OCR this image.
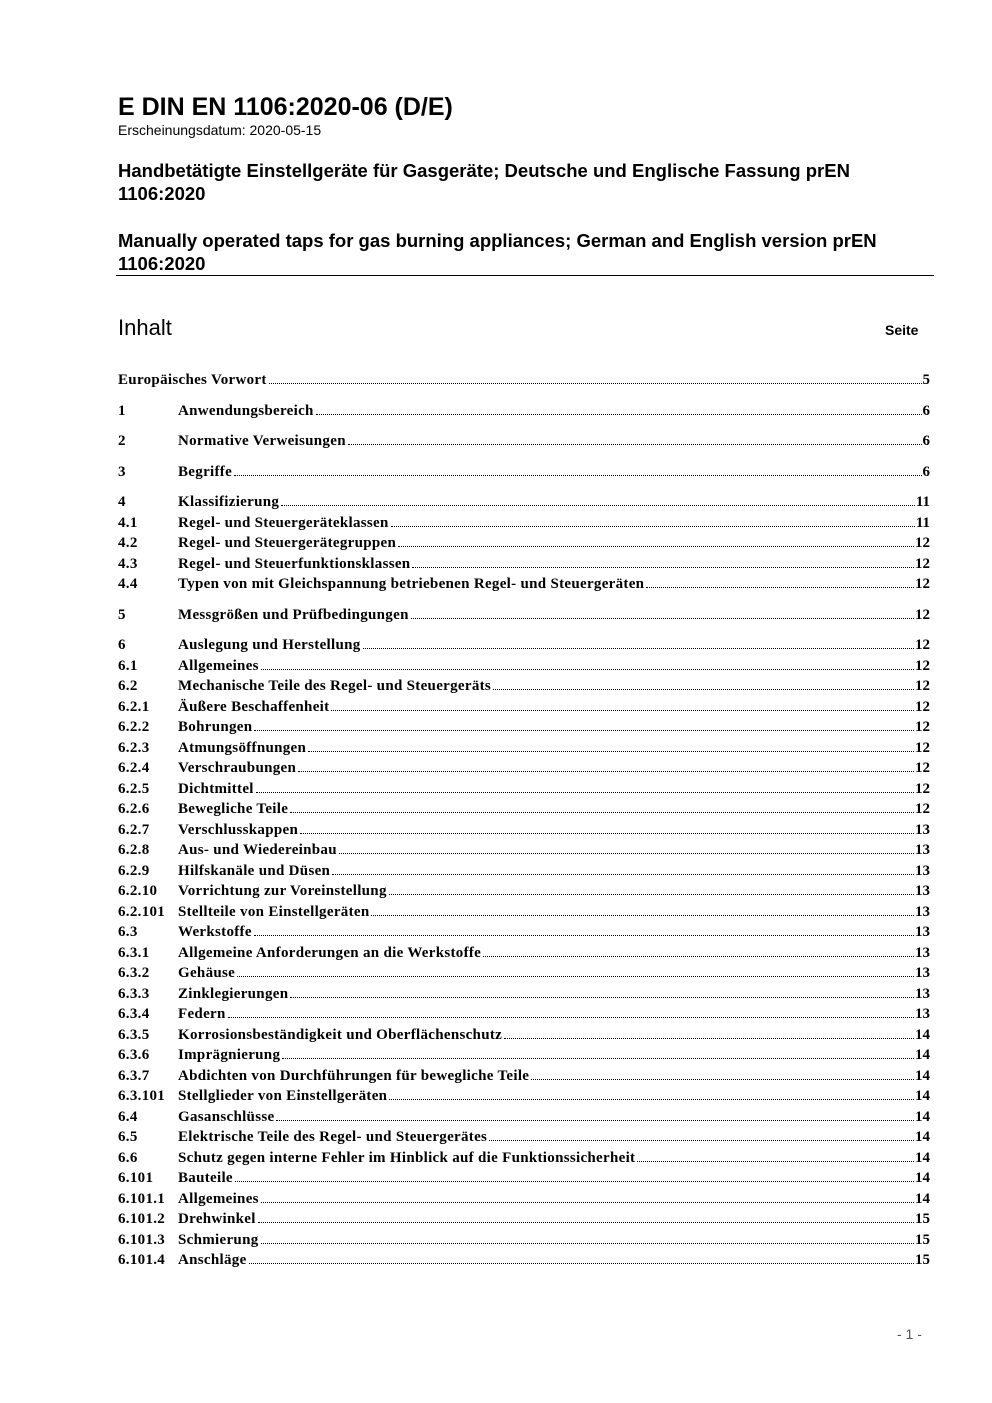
E DIN EN 1106:2020-06 (D/E)
Erscheinungsdatum: 2020-05-15
Handbetätigte Einstellgeräte für Gasgeräte; Deutsche und Englische Fassung prEN 1106:2020
Manually operated taps for gas burning appliances; German and English version prEN 1106:2020
Inhalt	Seite
Europäisches Vorwort	5
1	Anwendungsbereich	6
2	Normative Verweisungen	6
3	Begriffe	6
4	Klassifizierung	11
4.1	Regel- und Steuergeräteklassen	11
4.2	Regel- und Steuergerätegruppen	12
4.3	Regel- und Steuerfunktionsklassen	12
4.4	Typen von mit Gleichspannung betriebenen Regel- und Steuergeräten	12
5	Messgrößen und Prüfbedingungen	12
6	Auslegung und Herstellung	12
6.1	Allgemeines	12
6.2	Mechanische Teile des Regel- und Steuergeräts	12
6.2.1	Äußere Beschaffenheit	12
6.2.2	Bohrungen	12
6.2.3	Atmungsöffnungen	12
6.2.4	Verschraubungen	12
6.2.5	Dichtmittel	12
6.2.6	Bewegliche Teile	12
6.2.7	Verschlusskappen	13
6.2.8	Aus- und Wiedereinbau	13
6.2.9	Hilfskanäle und Düsen	13
6.2.10	Vorrichtung zur Voreinstellung	13
6.2.101 Stellteile von Einstellgeräten	13
6.3	Werkstoffe	13
6.3.1	Allgemeine Anforderungen an die Werkstoffe	13
6.3.2	Gehäuse	13
6.3.3	Zinklegierungen	13
6.3.4	Federn	13
6.3.5	Korrosionsbeständigkeit und Oberflächenschutz	14
6.3.6	Imprägnierung	14
6.3.7	Abdichten von Durchführungen für bewegliche Teile	14
6.3.101 Stellglieder von Einstellgeräten	14
6.4	Gasanschlüsse	14
6.5	Elektrische Teile des Regel- und Steuergerätes	14
6.6	Schutz gegen interne Fehler im Hinblick auf die Funktionssicherheit	14
6.101	Bauteile	14
6.101.1 Allgemeines	14
6.101.2 Drehwinkel	15
6.101.3 Schmierung	15
6.101.4 Anschläge	15
- 1 -
